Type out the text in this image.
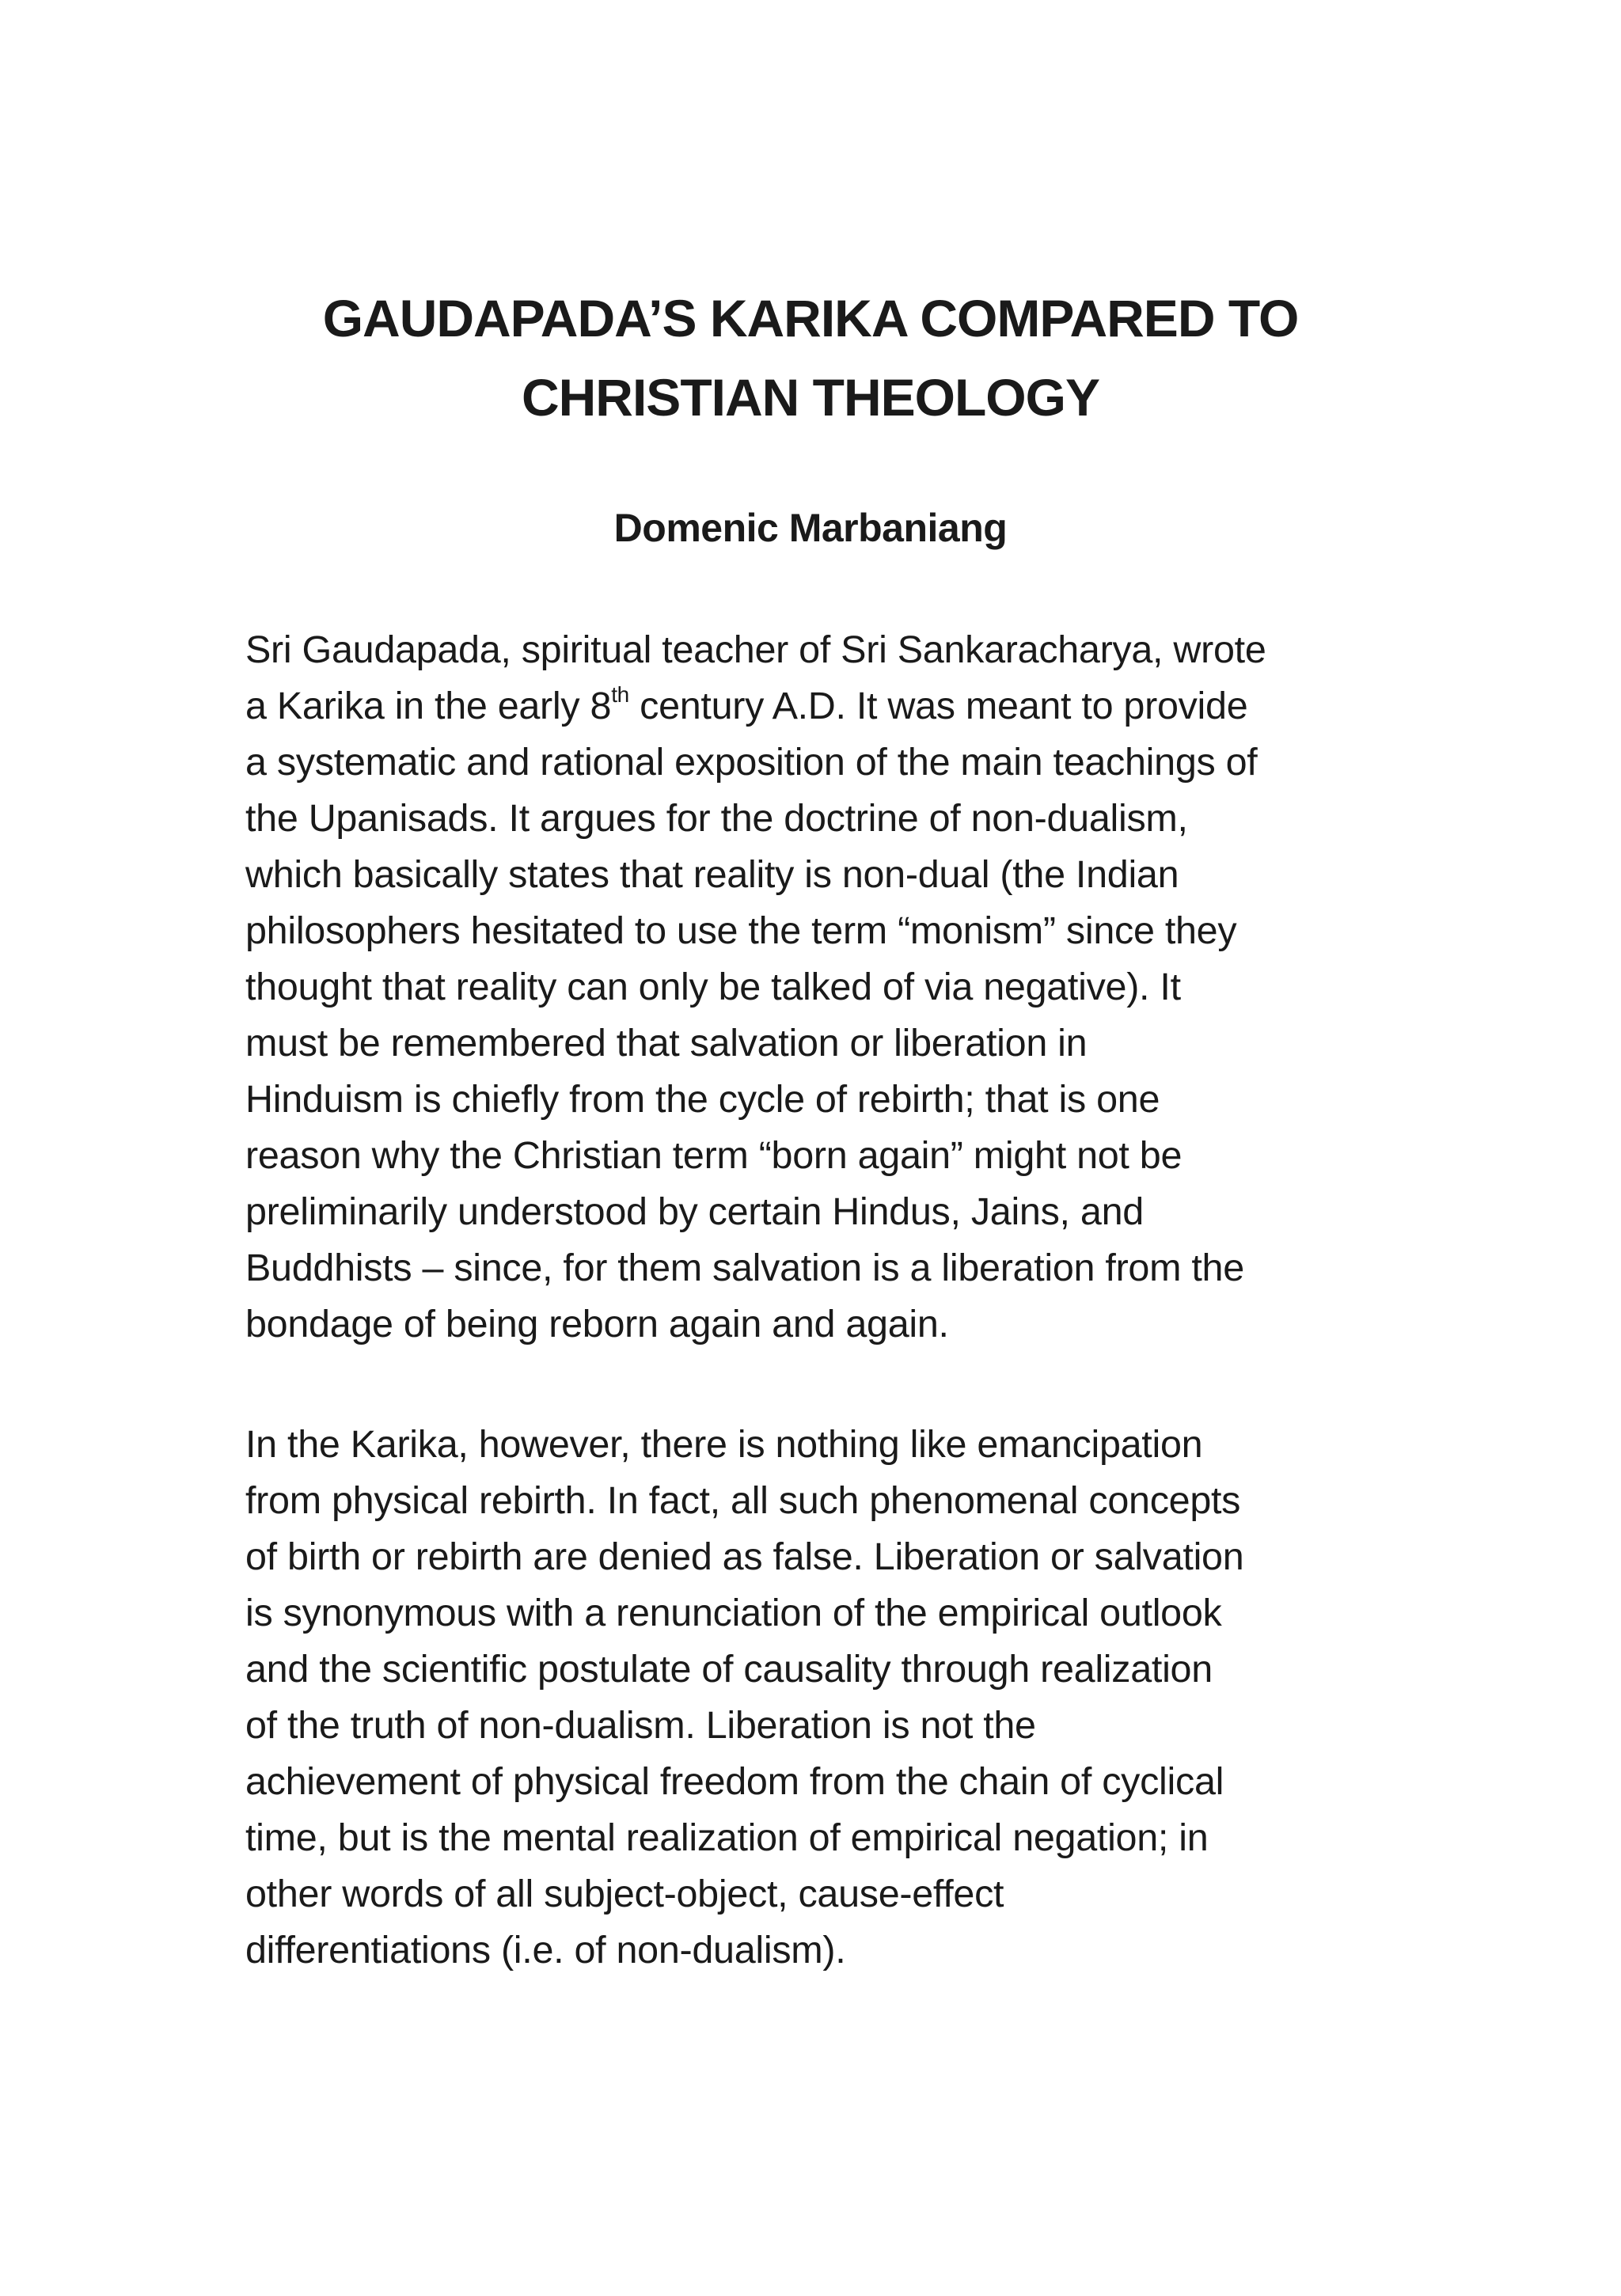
GAUDAPADA’S KARIKA COMPARED TO
CHRISTIAN THEOLOGY

Domenic Marbaniang

Sri Gaudapada, spiritual teacher of Sri Sankaracharya, wrote
a Karika in the early 8th century A.D. It was meant to provide
a systematic and rational exposition of the main teachings of
the Upanisads. It argues for the doctrine of non-dualism,
which basically states that reality is non-dual (the Indian
philosophers hesitated to use the term “monism” since they
thought that reality can only be talked of via negative). It
must be remembered that salvation or liberation in
Hinduism is chiefly from the cycle of rebirth; that is one
reason why the Christian term “born again” might not be
preliminarily understood by certain Hindus, Jains, and
Buddhists – since, for them salvation is a liberation from the
bondage of being reborn again and again.

In the Karika, however, there is nothing like emancipation
from physical rebirth. In fact, all such phenomenal concepts
of birth or rebirth are denied as false. Liberation or salvation
is synonymous with a renunciation of the empirical outlook
and the scientific postulate of causality through realization
of the truth of non-dualism. Liberation is not the
achievement of physical freedom from the chain of cyclical
time, but is the mental realization of empirical negation; in
other words of all subject-object, cause-effect
differentiations (i.e. of non-dualism).
